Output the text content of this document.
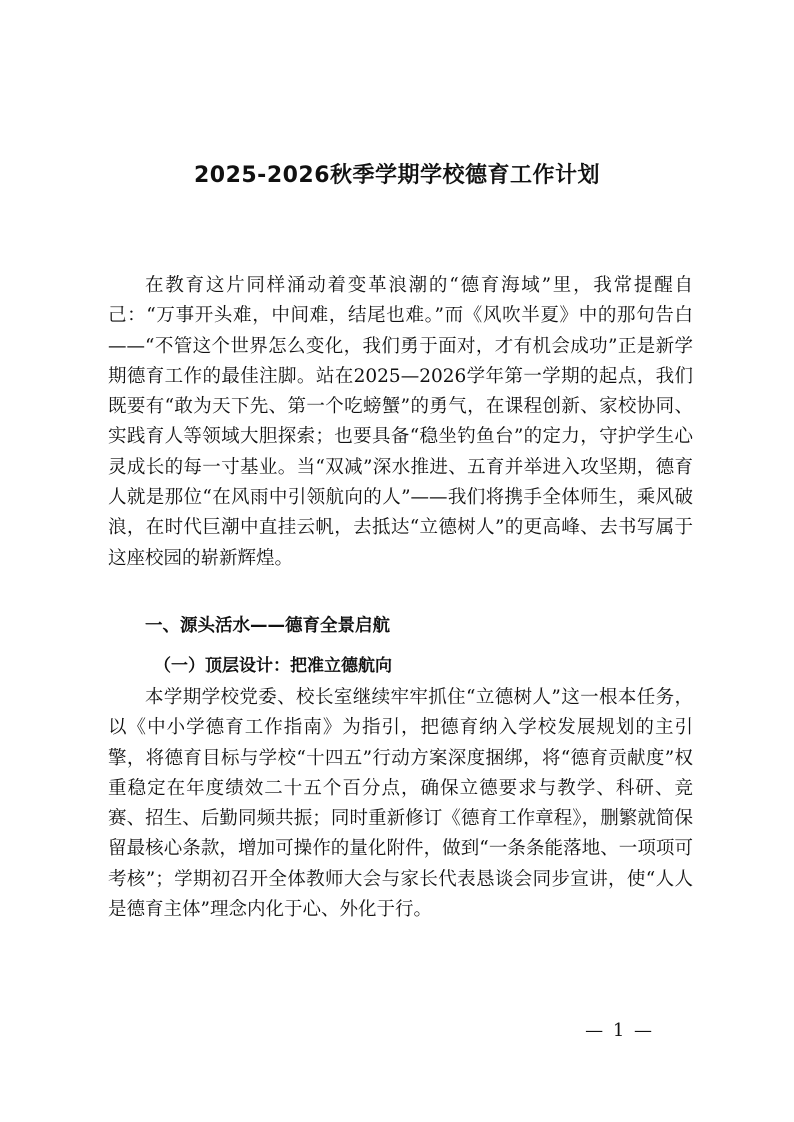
2025-2026秋季学期学校德育工作计划

在教育这片同样涌动着变革浪潮的“德育海域”里，我常提醒自己：“万事开头难，中间难，结尾也难。”而《风吹半夏》中的那句告白——“不管这个世界怎么变化，我们勇于面对，才有机会成功”正是新学期德育工作的最佳注脚。站在2025—2026学年第一学期的起点，我们既要有“敢为天下先、第一个吃螃蟹”的勇气，在课程创新、家校协同、实践育人等领域大胆探索；也要具备“稳坐钓鱼台”的定力，守护学生心灵成长的每一寸基业。当“双减”深水推进、五育并举进入攻坚期，德育人就是那位“在风雨中引领航向的人”——我们将携手全体师生，乘风破浪，在时代巨潮中直挂云帆，去抵达“立德树人”的更高峰、去书写属于这座校园的崭新辉煌。

一、源头活水——德育全景启航
（一）顶层设计：把准立德航向

本学期学校党委、校长室继续牢牢抓住“立德树人”这一根本任务，以《中小学德育工作指南》为指引，把德育纳入学校发展规划的主引擎，将德育目标与学校“十四五”行动方案深度捆绑，将“德育贡献度”权重稳定在年度绩效二十五个百分点，确保立德要求与教学、科研、竞赛、招生、后勤同频共振；同时重新修订《德育工作章程》，删繁就简保留最核心条款，增加可操作的量化附件，做到“一条条能落地、一项项可考核”；学期初召开全体教师大会与家长代表恳谈会同步宣讲，使“人人是德育主体”理念内化于心、外化于行。

— 1 —
